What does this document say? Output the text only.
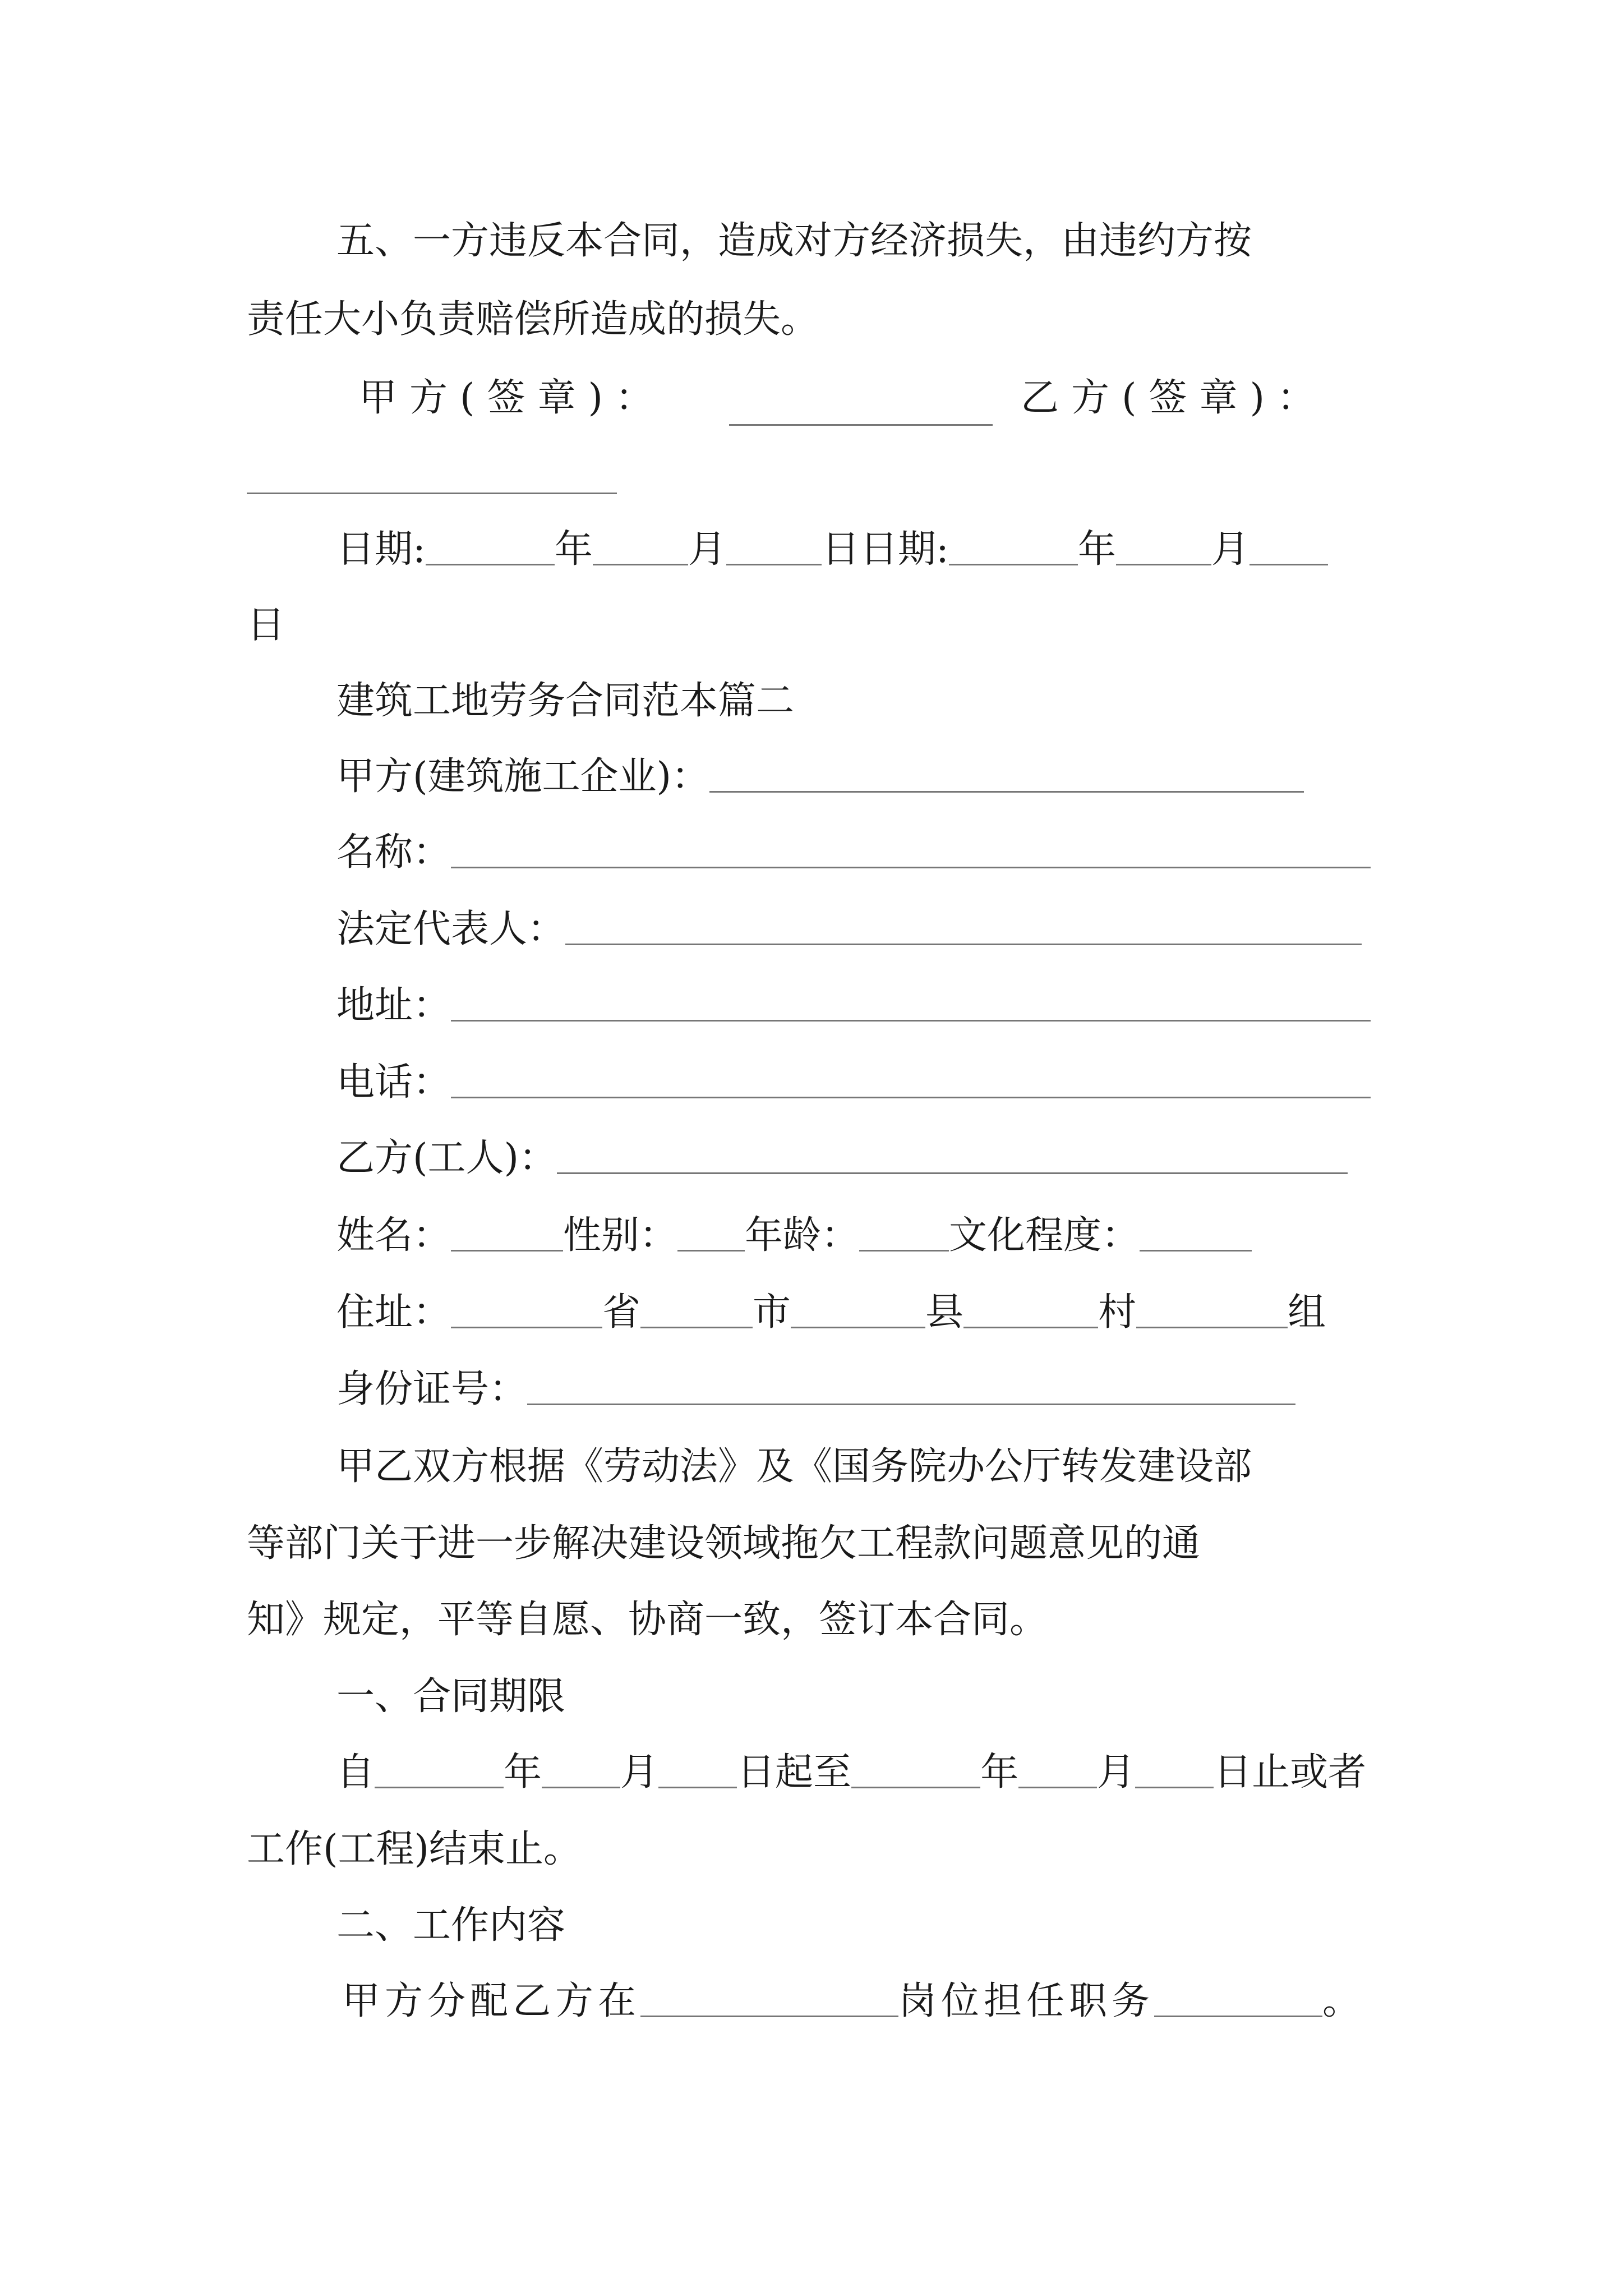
五、一方违反本合同，造成对方经济损失，由违约方按
责任大小负责赔偿所造成的损失。
甲方(签章)：	乙方(签章)：
日期:	年	月	日日期:	年	月
日
建筑工地劳务合同范本篇二
甲方(建筑施工企业)：
名称：
法定代表人：
地址：
电话：
乙方(工人)：
姓名：	性别： 年龄： 文化程度：
住址：	省	市	县	村	组
身份证号：
甲乙双方根据《劳动法》及《国务院办公厅转发建设部
等部门关于进一步解决建设领域拖欠工程款问题意见的通
知》规定，平等自愿、协商一致，签订本合同。
一、合同期限
自	年 月 日起至	年 月 日止或者
工作(工程)结束止。
二、工作内容
甲方分配乙方在	岗位担任职务	。
